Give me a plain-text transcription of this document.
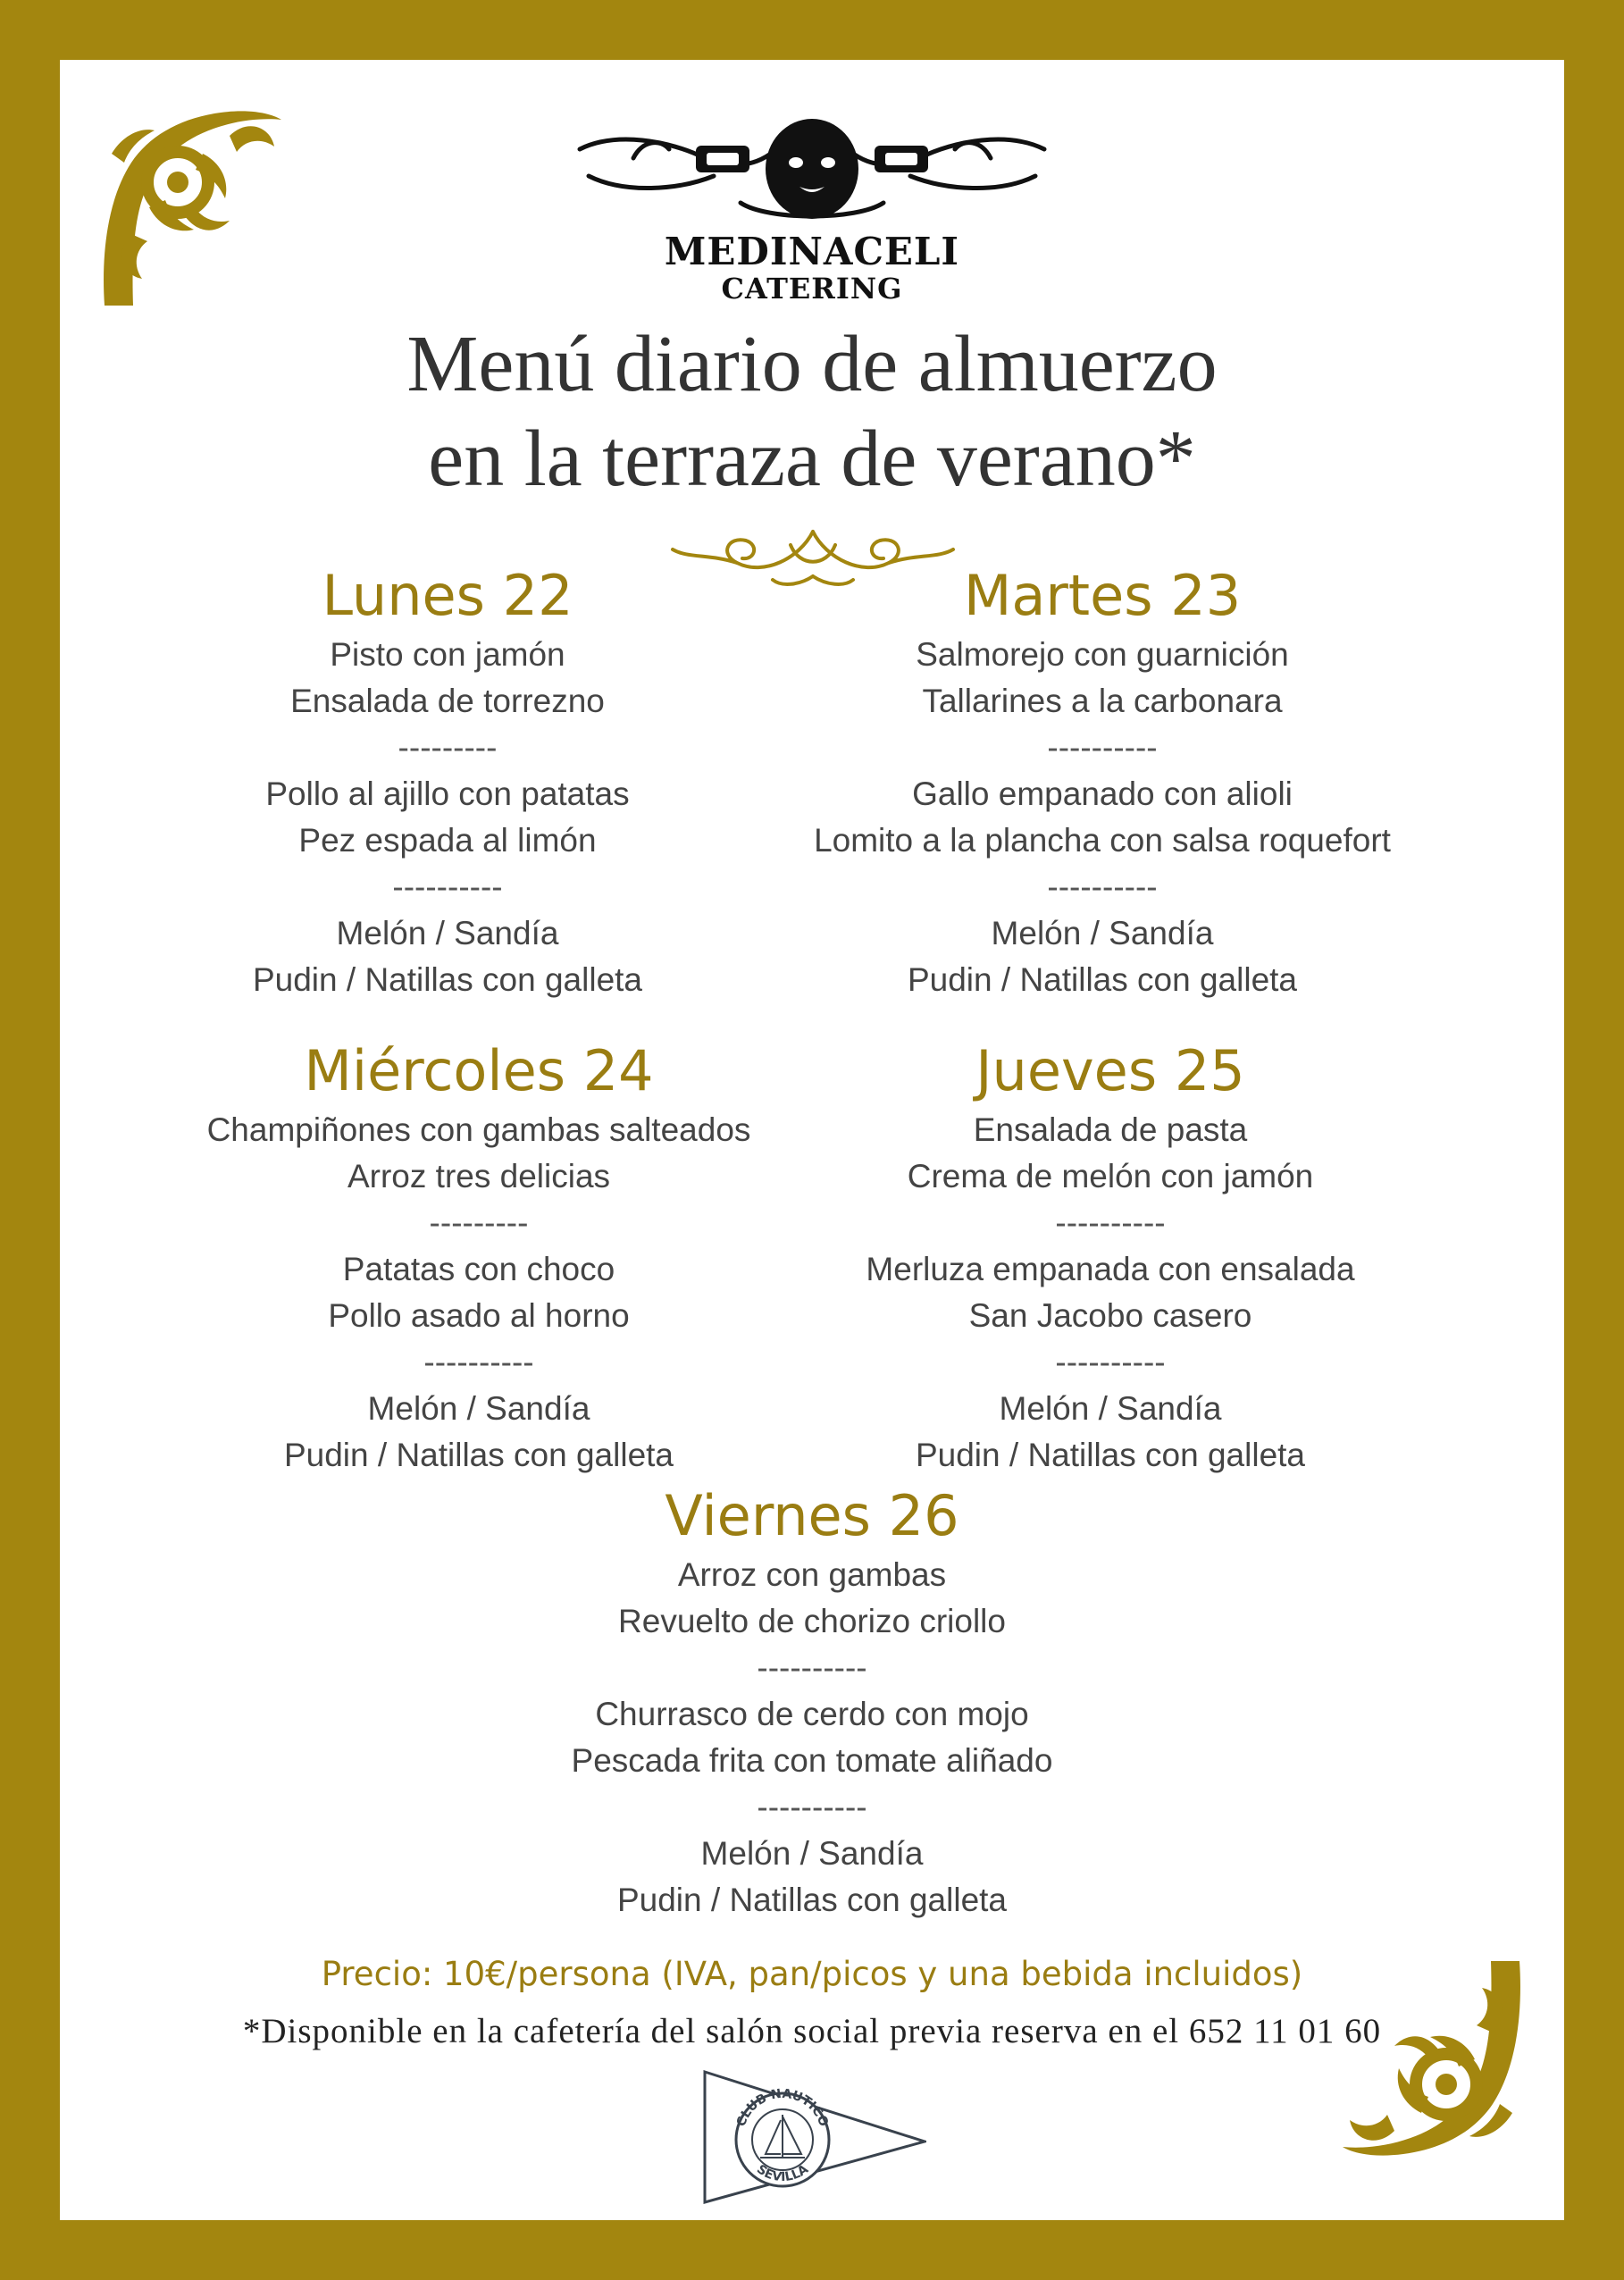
MEDINACELI
CATERING
Menú diario de almuerzo
en la terraza de verano*
Lunes 22
Pisto con jamón
Ensalada de torrezno
---------
Pollo al ajillo con patatas
Pez espada al limón
----------
Melón / Sandía
Pudin / Natillas con galleta
Martes 23
Salmorejo con guarnición
Tallarines a la carbonara
----------
Gallo empanado con alioli
Lomito a la plancha con salsa roquefort
----------
Melón / Sandía
Pudin / Natillas con galleta
Miércoles 24
Champiñones con gambas salteados
Arroz tres delicias
---------
Patatas con choco
Pollo asado al horno
----------
Melón / Sandía
Pudin / Natillas con galleta
Jueves 25
Ensalada de pasta
Crema de melón con jamón
----------
Merluza empanada con ensalada
San Jacobo casero
----------
Melón / Sandía
Pudin / Natillas con galleta
Viernes 26
Arroz con gambas
Revuelto de chorizo criollo
----------
Churrasco de cerdo con mojo
Pescada frita con tomate aliñado
----------
Melón / Sandía
Pudin / Natillas con galleta
Precio: 10€/persona (IVA, pan/picos y una bebida incluidos)
*Disponible en la cafetería del salón social previa reserva en el 652 11 01 60
CLUB NAUTICO
SEVILLA
